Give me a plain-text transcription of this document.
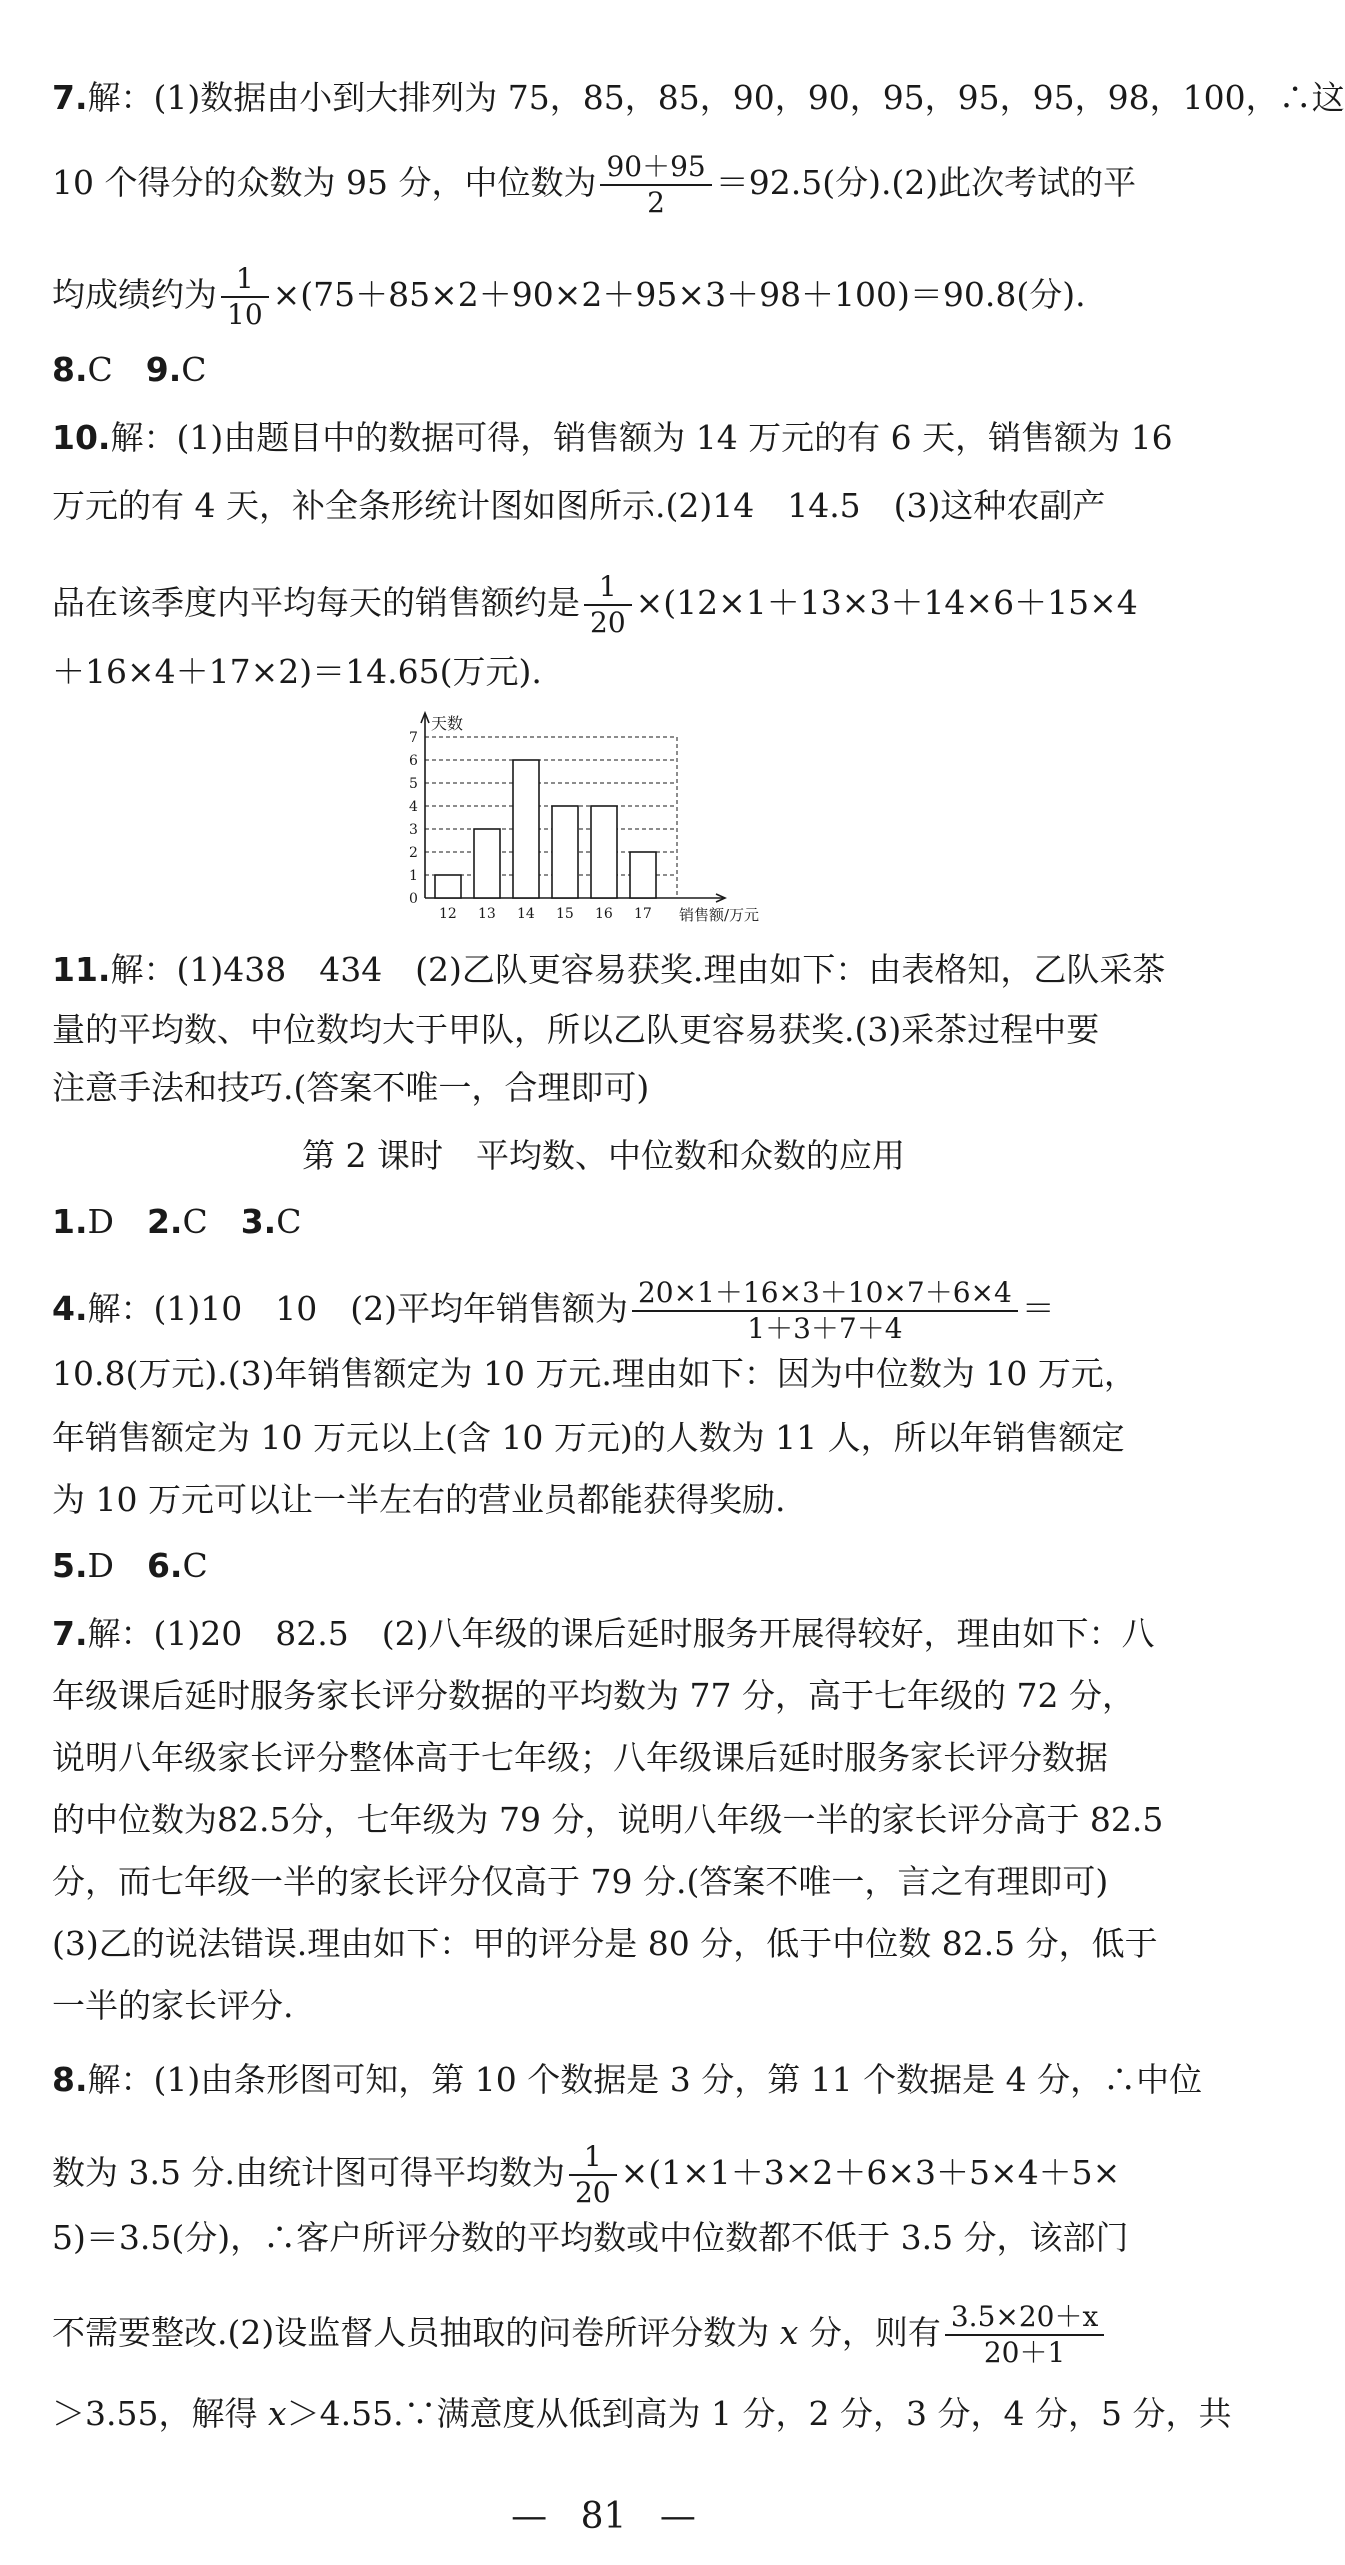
7.解：(1)数据由小到大排列为 75，85，85，90，90，95，95，95，98，100，∴这
10 个得分的众数为 95 分，中位数为 $\frac{90+95}{2} =92.5$(分).(2)此次考试的平
均成绩约为 $\frac{1}{10} \times(75+85\times 2+90\times 2+95\times 3+98+100)=90.8$(分).
8.C　9.C
10.解：(1)由题目中的数据可得，销售额为 14 万元的有 6 天，销售额为 16
万元的有 4 天，补全条形统计图如图所示.(2)14　14.5　(3)这种农副产
品在该季度内平均每天的销售额约是 $\frac{1}{20} \times(12\times 1+13\times 3+14\times 6+15\times 4$
＋16×4＋17×2)＝14.65(万元).
0
1
2
3
4
5
6
7
天数
12 13 14 15 16 17 销售额/万元
11.解：(1)438　434　(2)乙队更容易获奖.理由如下：由表格知，乙队采茶
量的平均数、中位数均大于甲队，所以乙队更容易获奖.(3)采茶过程中要
注意手法和技巧.(答案不唯一，合理即可)
第 2 课时　平均数、中位数和众数的应用
1.D　2.C　3.C
4.解：(1)10　10　(2)平均年销售额为 $\frac{20\times 1+16\times 3+10\times 7+6\times 4}{1+3+7+4}$ ＝
10.8(万元).(3)年销售额定为 10 万元.理由如下：因为中位数为 10 万元，
年销售额定为 10 万元以上(含 10 万元)的人数为 11 人，所以年销售额定
为 10 万元可以让一半左右的营业员都能获得奖励.
5.D　6.C
7.解：(1)20　82.5　(2)八年级的课后延时服务开展得较好，理由如下：八
年级课后延时服务家长评分数据的平均数为 77 分，高于七年级的 72 分，
说明八年级家长评分整体高于七年级；八年级课后延时服务家长评分数据
的中位数为82.5分，七年级为 79 分，说明八年级一半的家长评分高于 82.5
分，而七年级一半的家长评分仅高于 79 分.(答案不唯一，言之有理即可)
(3)乙的说法错误.理由如下：甲的评分是 80 分，低于中位数 82.5 分，低于
一半的家长评分.
8.解：(1)由条形图可知，第 10 个数据是 3 分，第 11 个数据是 4 分，∴中位
数为 3.5 分.由统计图可得平均数为 $\frac{1}{20} \times(1\times 1+3\times 2+6\times 3+5\times 4+5\times$
5)＝3.5(分)，∴客户所评分数的平均数或中位数都不低于 3.5 分，该部门
不需要整改.(2)设监督人员抽取的问卷所评分数为 x 分，则有 $\frac{3.5\times 20+x}{20+1}$
＞3.55，解得 x＞4.55.∵满意度从低到高为 1 分，2 分，3 分，4 分，5 分，共
— 81 —
